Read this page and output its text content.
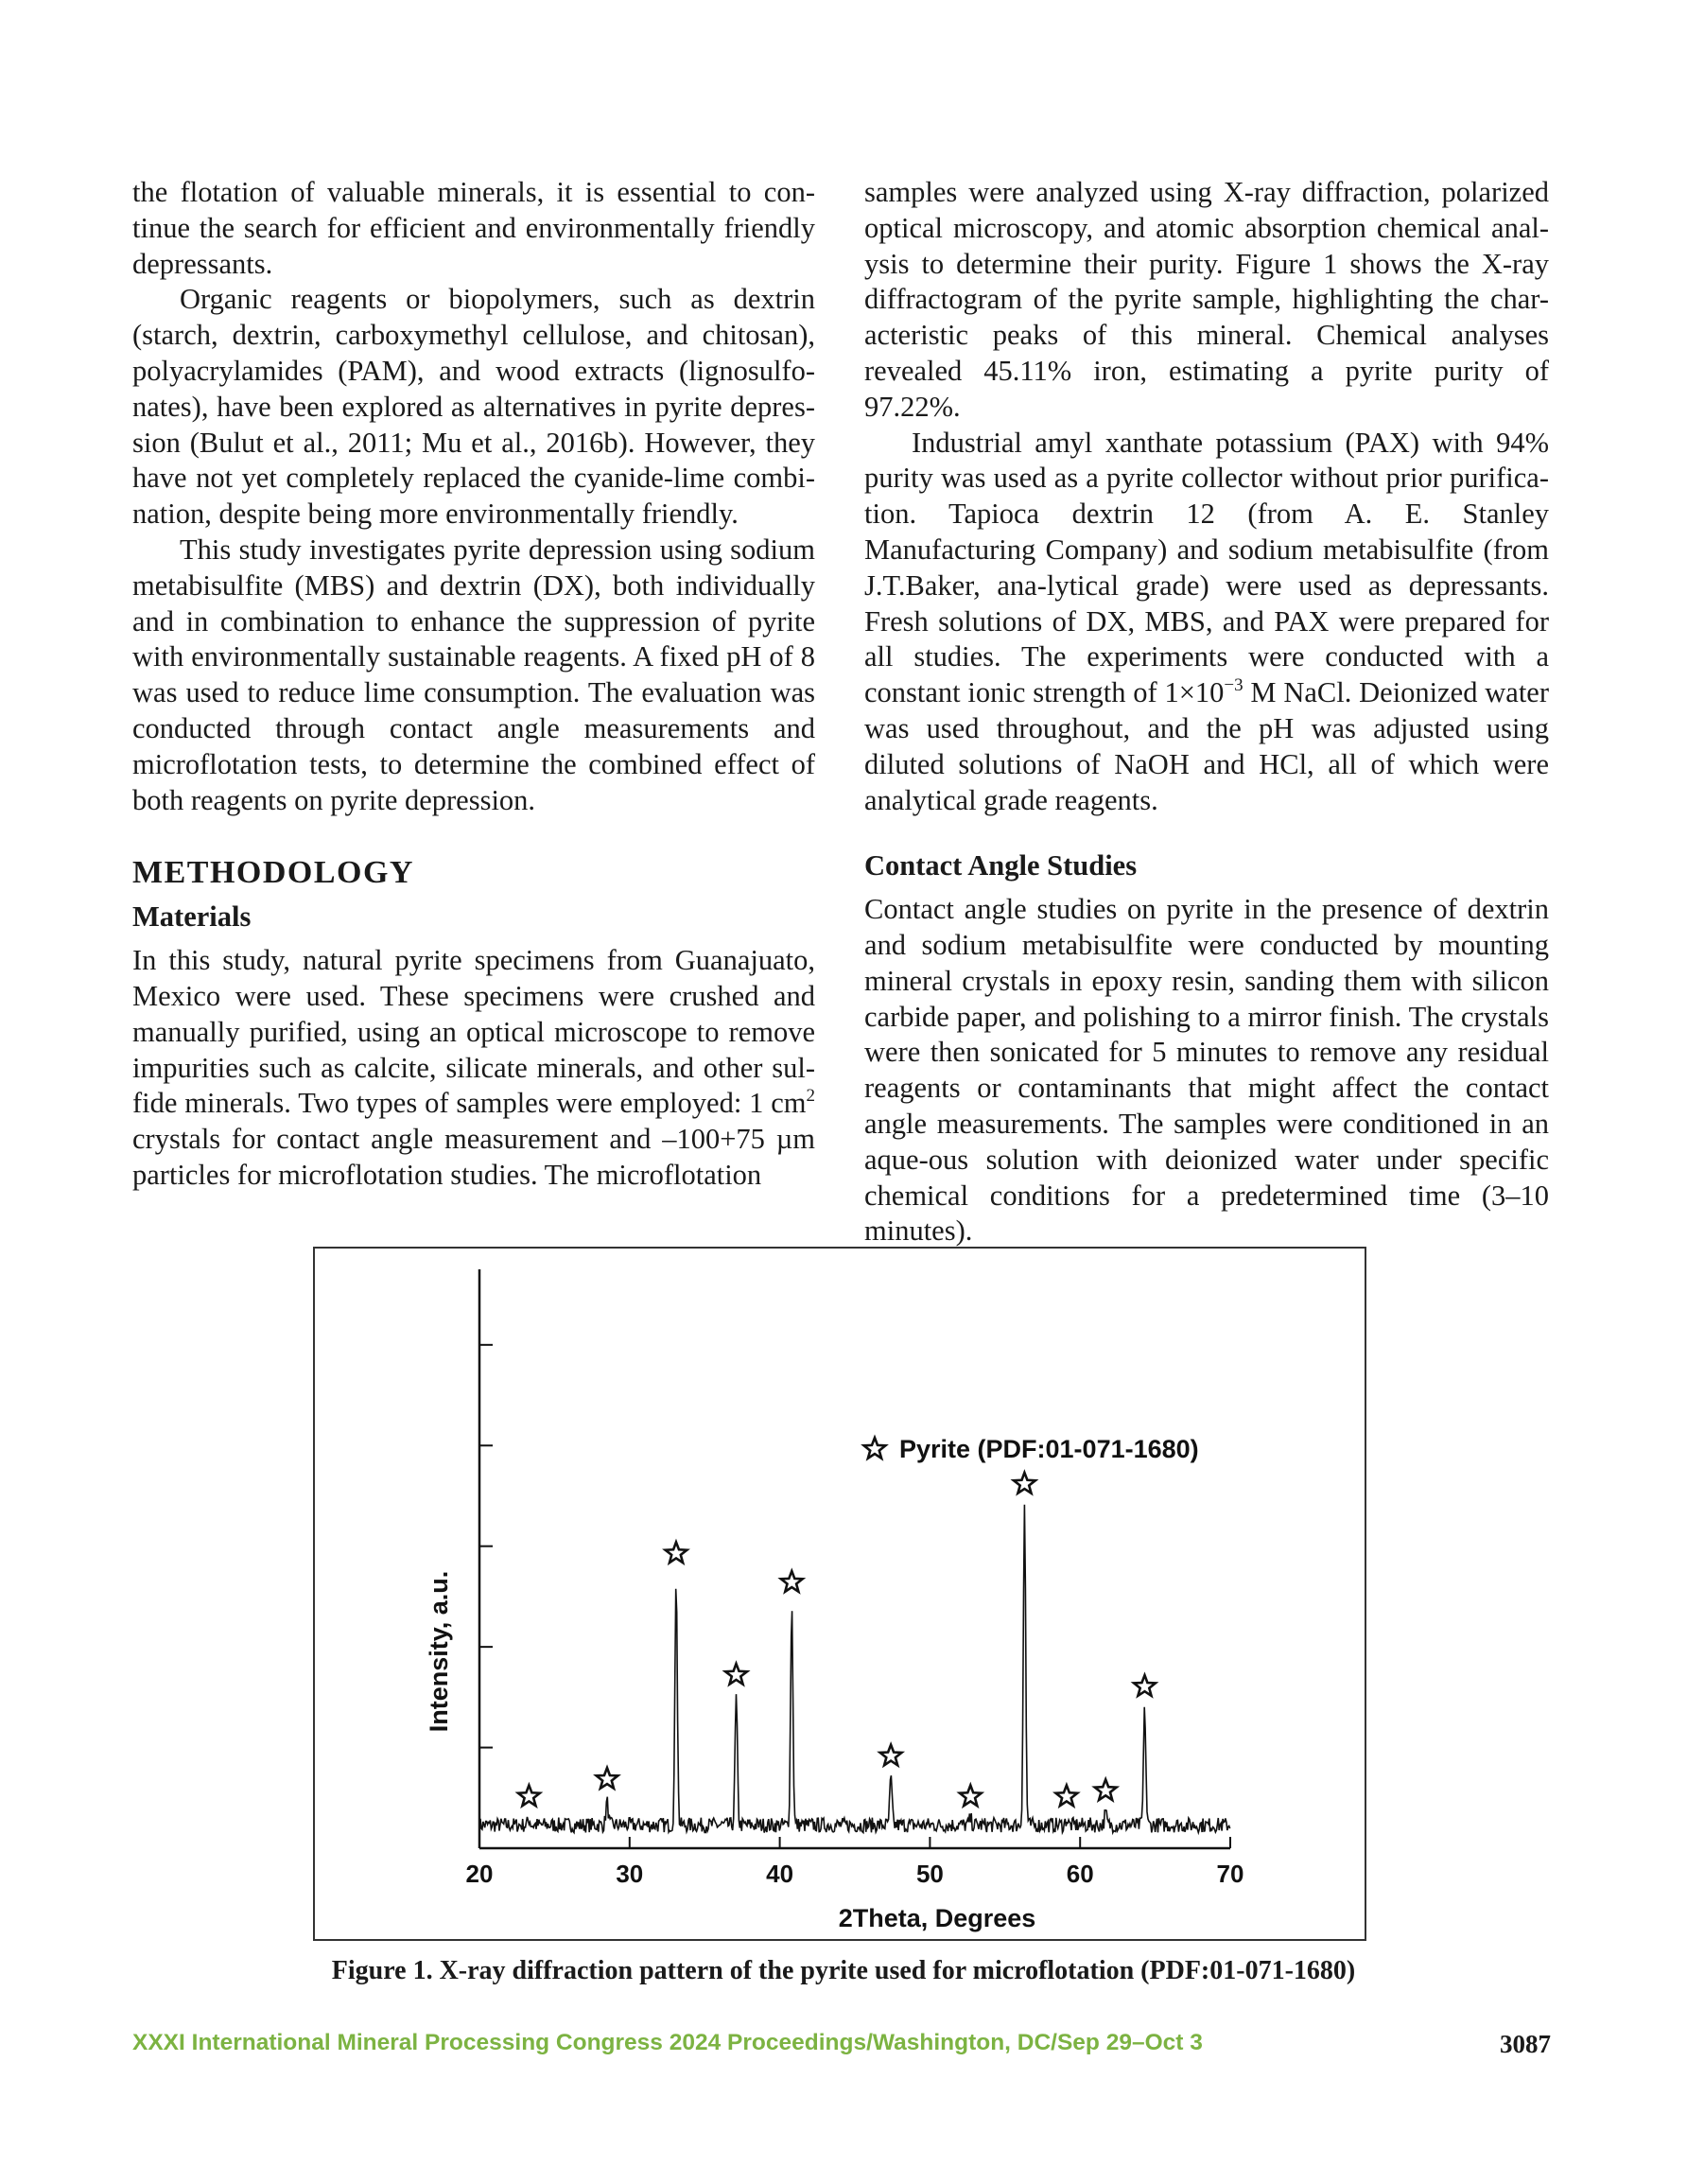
the flotation of valuable minerals, it is essential to con-tinue the search for efficient and environmentally friendly depressants.

Organic reagents or biopolymers, such as dextrin (starch, dextrin, carboxymethyl cellulose, and chitosan), polyacrylamides (PAM), and wood extracts (lignosulfo-nates), have been explored as alternatives in pyrite depres-sion (Bulut et al., 2011; Mu et al., 2016b). However, they have not yet completely replaced the cyanide-lime combi-nation, despite being more environmentally friendly.

This study investigates pyrite depression using sodium metabisulfite (MBS) and dextrin (DX), both individually and in combination to enhance the suppression of pyrite with environmentally sustainable reagents. A fixed pH of 8 was used to reduce lime consumption. The evaluation was conducted through contact angle measurements and microflotation tests, to determine the combined effect of both reagents on pyrite depression.

METHODOLOGY
Materials

In this study, natural pyrite specimens from Guanajuato, Mexico were used. These specimens were crushed and manually purified, using an optical microscope to remove impurities such as calcite, silicate minerals, and other sul-fide minerals. Two types of samples were employed: 1 $cm^2$ crystals for contact angle measurement and –100+75 µm particles for microflotation studies. The microflotation

samples were analyzed using X-ray diffraction, polarized optical microscopy, and atomic absorption chemical anal-ysis to determine their purity. Figure 1 shows the X-ray diffractogram of the pyrite sample, highlighting the char-acteristic peaks of this mineral. Chemical analyses revealed 45.11% iron, estimating a pyrite purity of 97.22%.

Industrial amyl xanthate potassium (PAX) with 94% purity was used as a pyrite collector without prior purifica-tion. Tapioca dextrin 12 (from A. E. Stanley Manufacturing Company) and sodium metabisulfite (from J.T.Baker, ana-lytical grade) were used as depressants. Fresh solutions of DX, MBS, and PAX were prepared for all studies. The experiments were conducted with a constant ionic strength of $1\times 10^{-3}$ M NaCl. Deionized water was used throughout, and the pH was adjusted using diluted solutions of NaOH and HCl, all of which were analytical grade reagents.

Contact Angle Studies

Contact angle studies on pyrite in the presence of dextrin and sodium metabisulfite were conducted by mounting mineral crystals in epoxy resin, sanding them with silicon carbide paper, and polishing to a mirror finish. The crystals were then sonicated for 5 minutes to remove any residual reagents or contaminants that might affect the contact angle measurements. The samples were conditioned in an aque-ous solution with deionized water under specific chemical conditions for a predetermined time (3–10 minutes).

20	30	40	50	60	70
2Theta, Degrees
Intensity, a.u.
Pyrite (PDF:01-071-1680)
Figure 1. X-ray diffraction pattern of the pyrite used for microflotation (PDF:01-071-1680)
XXXI International Mineral Processing Congress 2024 Proceedings/Washington, DC/Sep 29–Oct 3	3087
